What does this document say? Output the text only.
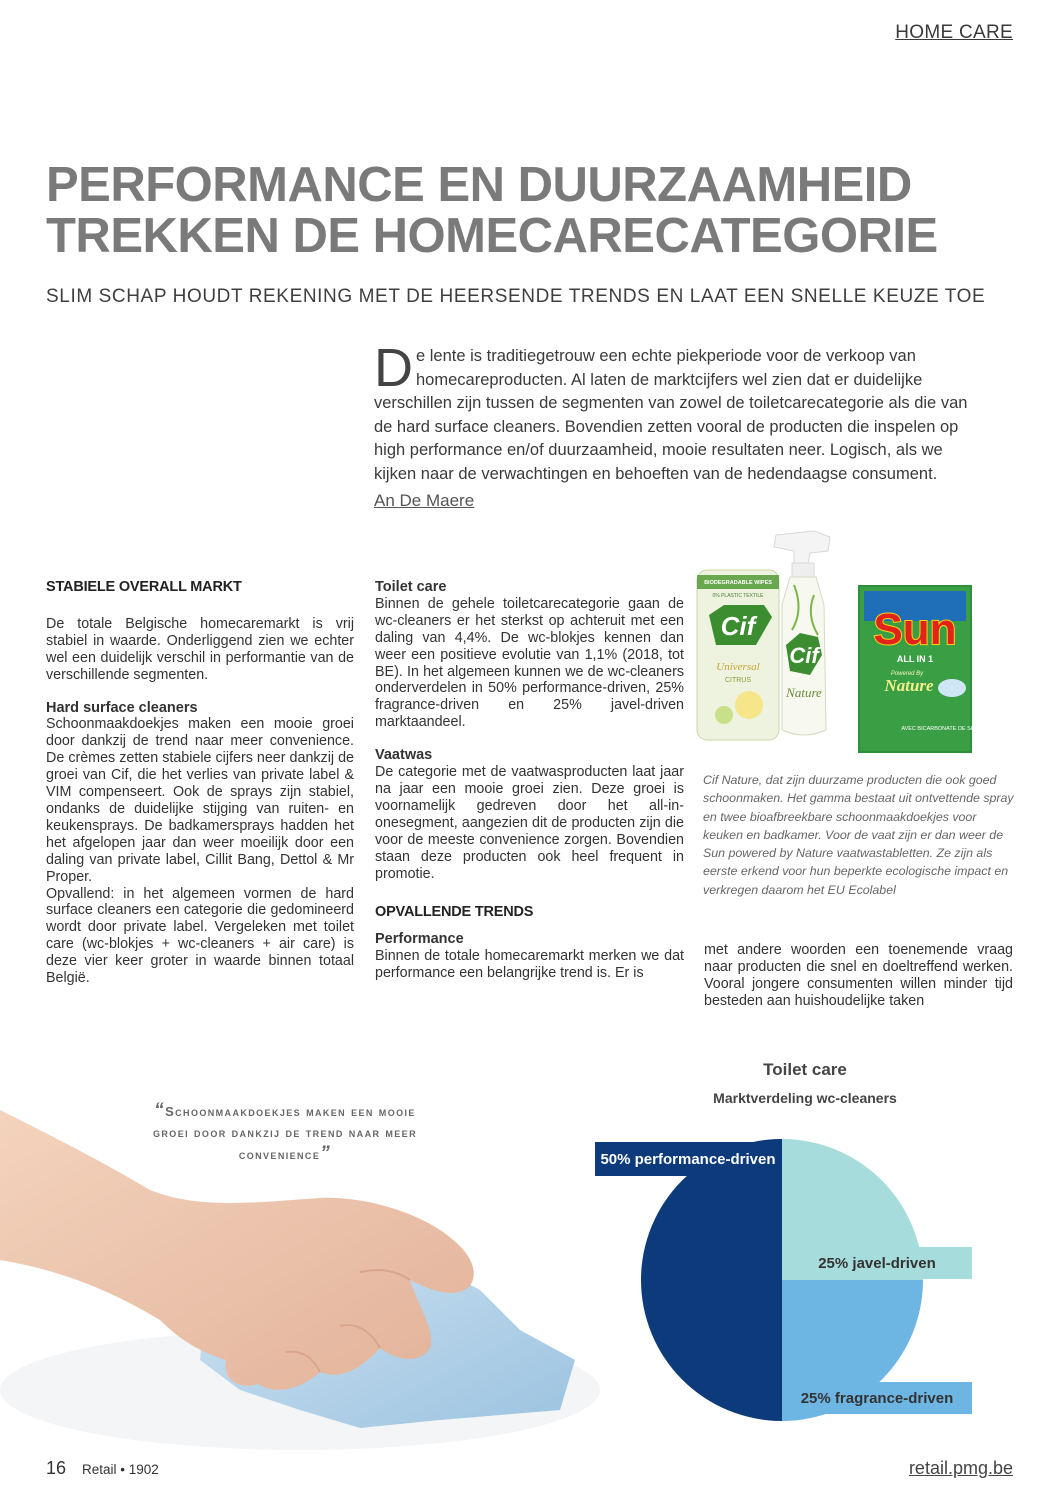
HOME CARE
PERFORMANCE EN DUURZAAMHEID
TREKKEN DE HOMECARECATEGORIE
SLIM SCHAP HOUDT REKENING MET DE HEERSENDE TRENDS EN LAAT EEN SNELLE KEUZE TOE
De lente is traditiegetrouw een echte piekperiode voor de verkoop van homecareproducten. Al laten de marktcijfers wel zien dat er duidelijke verschillen zijn tussen de segmenten van zowel de toiletcarecategorie als die van de hard surface cleaners. Bovendien zetten vooral de producten die inspelen op high performance en/of duurzaamheid, mooie resultaten neer. Logisch, als we kijken naar de verwachtingen en behoeften van de hedendaagse consument.
An De Maere

STABIELE OVERALL MARKT

De totale Belgische homecaremarkt is vrij stabiel in waarde. Onderliggend zien we echter wel een duidelijk verschil in performantie van de verschillende segmenten.

Hard surface cleaners

Schoonmaakdoekjes maken een mooie groei door dankzij de trend naar meer convenience. De crèmes zetten stabiele cijfers neer dankzij de groei van Cif, die het verlies van private label & VIM compenseert. Ook de sprays zijn stabiel, ondanks de duidelijke stijging van ruiten- en keukensprays. De badkamersprays hadden het het afgelopen jaar dan weer moeilijk door een daling van private label, Cillit Bang, Dettol & Mr Proper.

Opvallend: in het algemeen vormen de hard surface cleaners een categorie die gedomineerd wordt door private label. Vergeleken met toilet care (wc-blokjes + wc-cleaners + air care) is deze vier keer groter in waarde binnen totaal België.

Toilet care

Binnen de gehele toiletcarecategorie gaan de wc-cleaners er het sterkst op achteruit met een daling van 4,4%. De wc-blokjes kennen dan weer een positieve evolutie van 1,1% (2018, tot BE). In het algemeen kunnen we de wc-cleaners onderverdelen in 50% performance-driven, 25% fragrance-driven en 25% javel-driven marktaandeel.

Vaatwas

De categorie met de vaatwasproducten laat jaar na jaar een mooie groei zien. Deze groei is voornamelijk gedreven door het all-in-onesegment, aangezien dit de producten zijn die voor de meeste convenience zorgen. Bovendien staan deze producten ook heel frequent in promotie.

OPVALLENDE TRENDS

Performance

Binnen de totale homecaremarkt merken we dat performance een belangrijke trend is. Er is

met andere woorden een toenemende vraag naar producten die snel en doeltreffend werken. Vooral jongere consumenten willen minder tijd besteden aan huishoudelijke taken

BIODEGRADABLE WIPES
0% PLASTIC TEXTILE
Cif
Universal
CITRUS
Cif
Nature
Sun
ALL IN 1
Powered By
Nature
AVEC BICARBONATE DE SOUDE
Cif Nature, dat zijn duurzame producten die ook goed schoonmaken. Het gamma bestaat uit ontvettende spray en twee bioafbreekbare schoonmaakdoekjes voor keuken en badkamer. Voor de vaat zijn er dan weer de Sun powered by Nature vaatwastabletten. Ze zijn als eerste erkend voor hun beperkte ecologische impact en verkregen daarom het EU Ecolabel
“Schoonmaakdoekjes maken een mooie groei door dankzij de trend naar meer convenience”
Toilet care
Marktverdeling wc-cleaners
50% performance-driven
25% javel-driven
25% fragrance-driven
16 Retail • 1902	retail.pmg.be
